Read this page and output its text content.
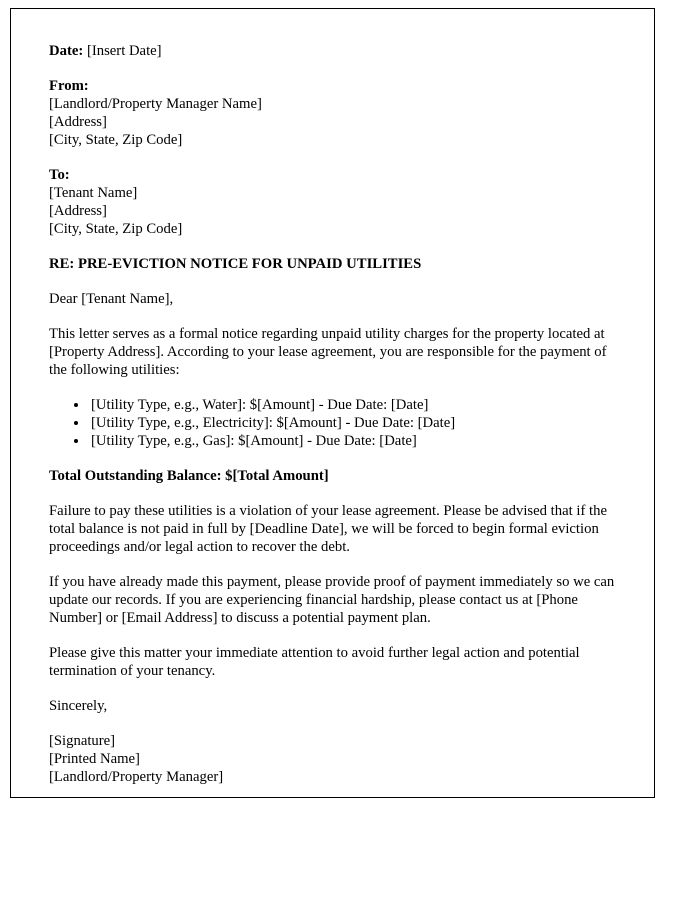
Date: [Insert Date]

From:

[Landlord/Property Manager Name]

[Address]

[City, State, Zip Code]

To:

[Tenant Name]

[Address]

[City, State, Zip Code]

RE: PRE-EVICTION NOTICE FOR UNPAID UTILITIES

Dear [Tenant Name],

This letter serves as a formal notice regarding unpaid utility charges for the property located at [Property Address]. According to your lease agreement, you are responsible for the payment of the following utilities:

• [Utility Type, e.g., Water]: $[Amount] - Due Date: [Date]
• [Utility Type, e.g., Electricity]: $[Amount] - Due Date: [Date]
• [Utility Type, e.g., Gas]: $[Amount] - Due Date: [Date]

Total Outstanding Balance: $[Total Amount]

Failure to pay these utilities is a violation of your lease agreement. Please be advised that if the total balance is not paid in full by [Deadline Date], we will be forced to begin formal eviction proceedings and/or legal action to recover the debt.

If you have already made this payment, please provide proof of payment immediately so we can update our records. If you are experiencing financial hardship, please contact us at [Phone Number] or [Email Address] to discuss a potential payment plan.

Please give this matter your immediate attention to avoid further legal action and potential termination of your tenancy.

Sincerely,

[Signature]

[Printed Name]

[Landlord/Property Manager]
